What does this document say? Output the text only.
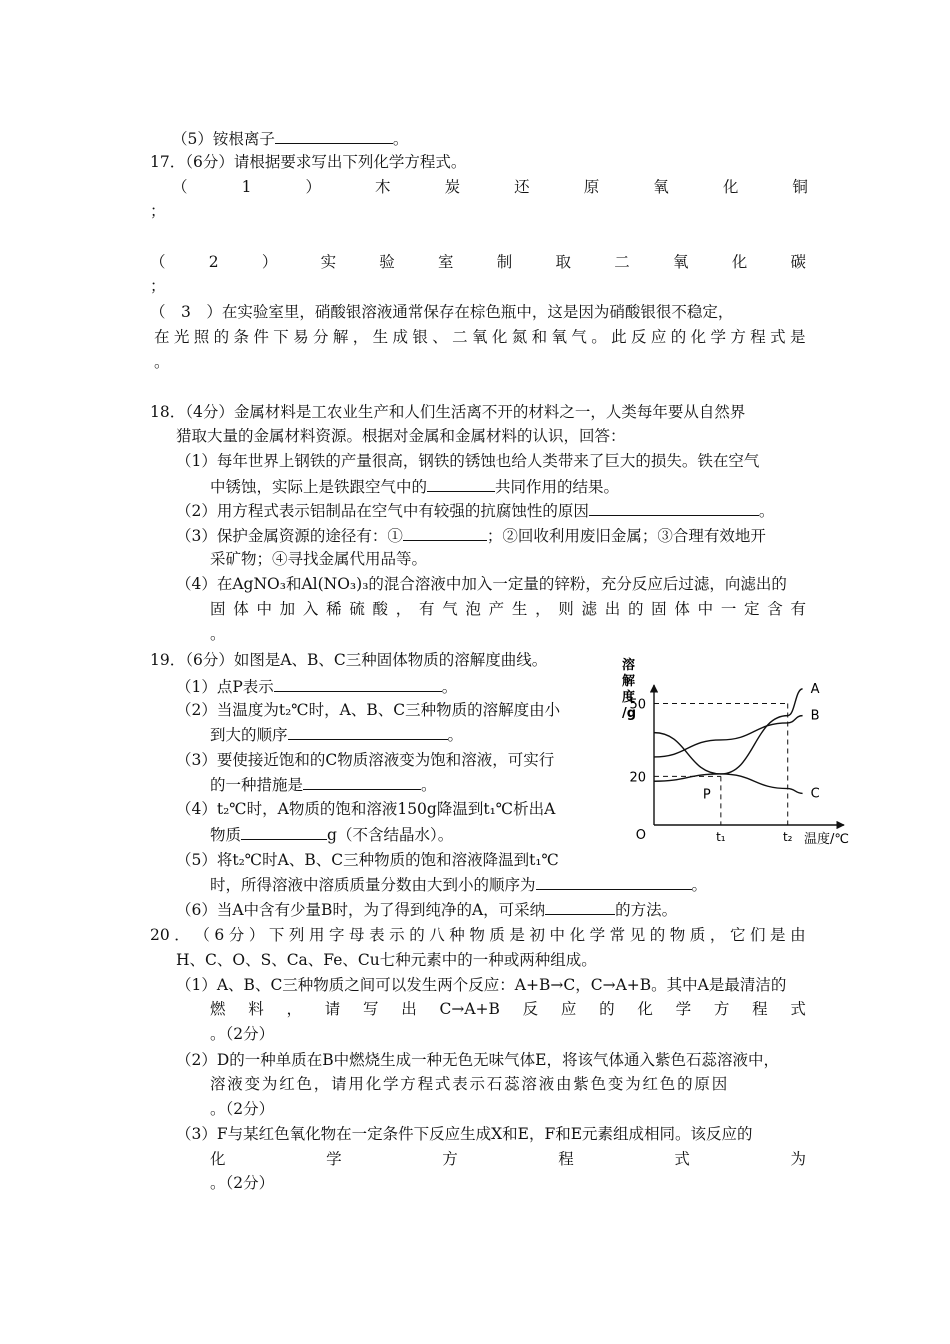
（5）铵根离子	。
17．（6分）请根据要求写出下列化学方程式。
（	1	）	木	炭	还	原	氧	化	铜
；
（	2	）	实	验	室	制	取	二	氧	化	碳
；
（　3　）在实验室里，硝酸银溶液通常保存在棕色瓶中，这是因为硝酸银很不稳定，
在 光 照 的 条 件 下 易 分 解 ， 生 成 银 、 二 氧 化 氮 和 氧 气 。 此 反 应 的 化 学 方 程 式 是
。
18．（4分）金属材料是工农业生产和人们生活离不开的材料之一，人类每年要从自然界
猎取大量的金属材料资源。根据对金属和金属材料的认识，回答：
（1）每年世界上钢铁的产量很高，钢铁的锈蚀也给人类带来了巨大的损失。铁在空气
中锈蚀，实际上是铁跟空气中的	共同作用的结果。
（2）用方程式表示铝制品在空气中有较强的抗腐蚀性的原因	。
（3）保护金属资源的途径有：①	；②回收利用废旧金属；③合理有效地开
采矿物；④寻找金属代用品等。
（4）在AgNO₃和Al(NO₃)₃的混合溶液中加入一定量的锌粉，充分反应后过滤，向滤出的
固 体 中 加 入 稀 硫 酸 ， 有 气 泡 产 生 ， 则 滤 出 的 固 体 中 一 定 含 有
。
19．（6分）如图是A、B、C三种固体物质的溶解度曲线。
（1）点P表示	。
（2）当温度为t₂℃时，A、B、C三种物质的溶解度由小
到大的顺序	。
（3）要使接近饱和的C物质溶液变为饱和溶液，可实行
的一种措施是	。
（4）t₂℃时，A物质的饱和溶液150g降温到t₁℃析出A
物质	g（不含结晶水）。
（5）将t₂℃时A、B、C三种物质的饱和溶液降温到t₁℃
时，所得溶液中溶质质量分数由大到小的顺序为	。
（6）当A中含有少量B时，为了得到纯净的A，可采纳	的方法。
溶
解
度
/g
A
B
C
50
20
O	t₁	t₂
P
温度/℃
20 ． （ 6 分 ） 下 列 用 字 母 表 示 的 八 种 物 质 是 初 中 化 学 常 见 的 物 质 ， 它 们 是 由
H、C、O、S、Ca、Fe、Cu七种元素中的一种或两种组成。
（1）A、B、C三种物质之间可以发生两个反应：A+B→C，C→A+B。其中A是最清洁的
燃 料 ， 请 写 出 C→A+B 反 应 的 化 学 方 程 式
。（2分）
（2）D的一种单质在B中燃烧生成一种无色无味气体E，将该气体通入紫色石蕊溶液中，
溶液变为红色，请用化学方程式表示石蕊溶液由紫色变为红色的原因
。（2分）
（3）F与某红色氧化物在一定条件下反应生成X和E，F和E元素组成相同。该反应的
化	学	方	程	式	为
。（2分）
